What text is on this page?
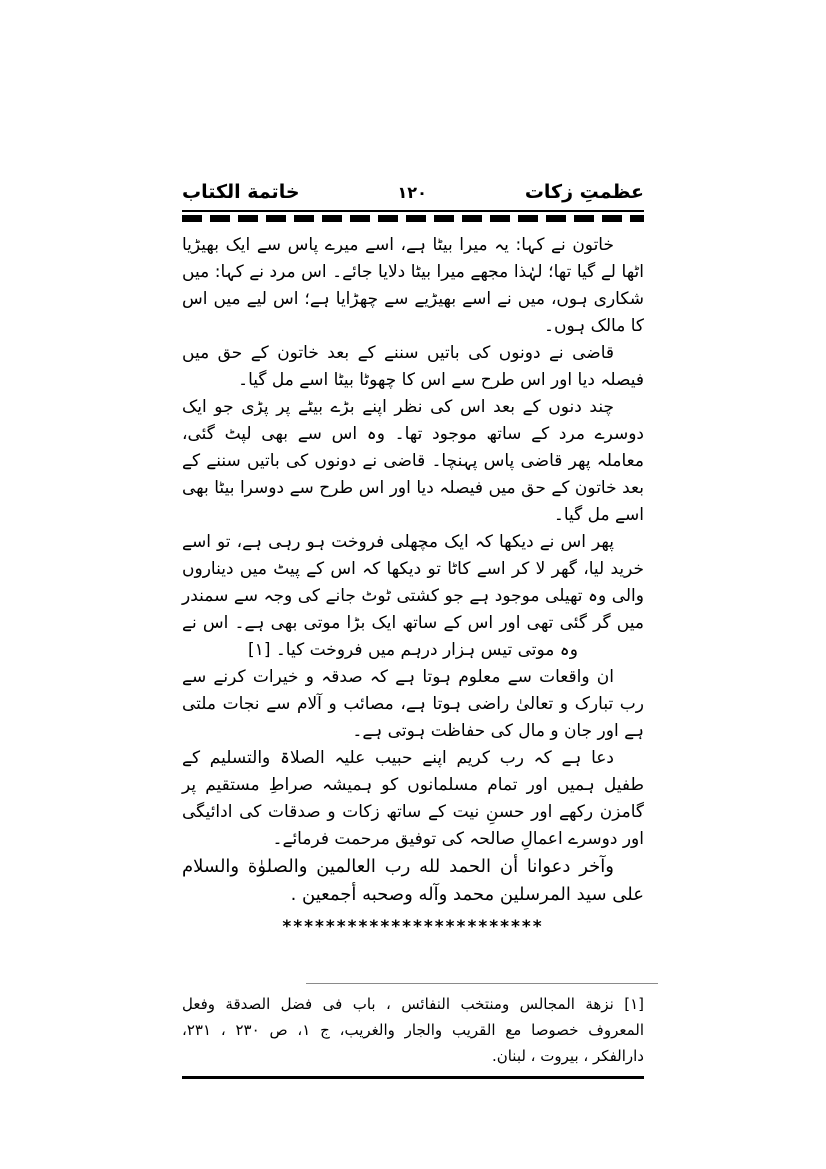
عظمتِ زکات
۱۲۰
خاتمة الكتاب

خاتون نے کہا: یہ میرا بیٹا ہے، اسے میرے پاس سے ایک بھیڑیا اٹھا لے گیا تھا؛ لہٰذا مجھے میرا بیٹا دلایا جائے۔ اس مرد نے کہا: میں شکاری ہوں، میں نے اسے بھیڑیے سے چھڑایا ہے؛ اس لیے میں اس کا مالک ہوں۔

قاضی نے دونوں کی باتیں سننے کے بعد خاتون کے حق میں فیصلہ دیا اور اس طرح سے اس کا چھوٹا بیٹا اسے مل گیا۔

چند دنوں کے بعد اس کی نظر اپنے بڑے بیٹے پر پڑی جو ایک دوسرے مرد کے ساتھ موجود تھا۔ وہ اس سے بھی لپٹ گئی، معاملہ پھر قاضی پاس پہنچا۔ قاضی نے دونوں کی باتیں سننے کے بعد خاتون کے حق میں فیصلہ دیا اور اس طرح سے دوسرا بیٹا بھی اسے مل گیا۔

پھر اس نے دیکھا کہ ایک مچھلی فروخت ہو رہی ہے، تو اسے خرید لیا، گھر لا کر اسے کاٹا تو دیکھا کہ اس کے پیٹ میں دیناروں والی وہ تھیلی موجود ہے جو کشتی ٹوٹ جانے کی وجہ سے سمندر میں گر گئی تھی اور اس کے ساتھ ایک بڑا موتی بھی ہے۔ اس نے وہ موتی تیس ہزار درہم میں فروخت کیا۔ [۱]

ان واقعات سے معلوم ہوتا ہے کہ صدقہ و خیرات کرنے سے رب تبارک و تعالیٰ راضی ہوتا ہے، مصائب و آلام سے نجات ملتی ہے اور جان و مال کی حفاظت ہوتی ہے۔

دعا ہے کہ رب کریم اپنے حبیب علیہ الصلاۃ والتسلیم کے طفیل ہمیں اور تمام مسلمانوں کو ہمیشہ صراطِ مستقیم پر گامزن رکھے اور حسنِ نیت کے ساتھ زکات و صدقات کی ادائیگی اور دوسرے اعمالِ صالحہ کی توفیق مرحمت فرمائے۔

وآخر دعوانا أن الحمد لله رب العالمين والصلوٰة والسلام على سيد المرسلين محمد وآله وصحبه أجمعين .

************************

[۱] نزهة المجالس ومنتخب النفائس ، باب فى فضل الصدقة وفعل المعروف خصوصا مع القريب والجار والغريب، ج ۱، ص ۲۳۰ ، ۲۳۱، دارالفكر ، بيروت ، لبنان.
